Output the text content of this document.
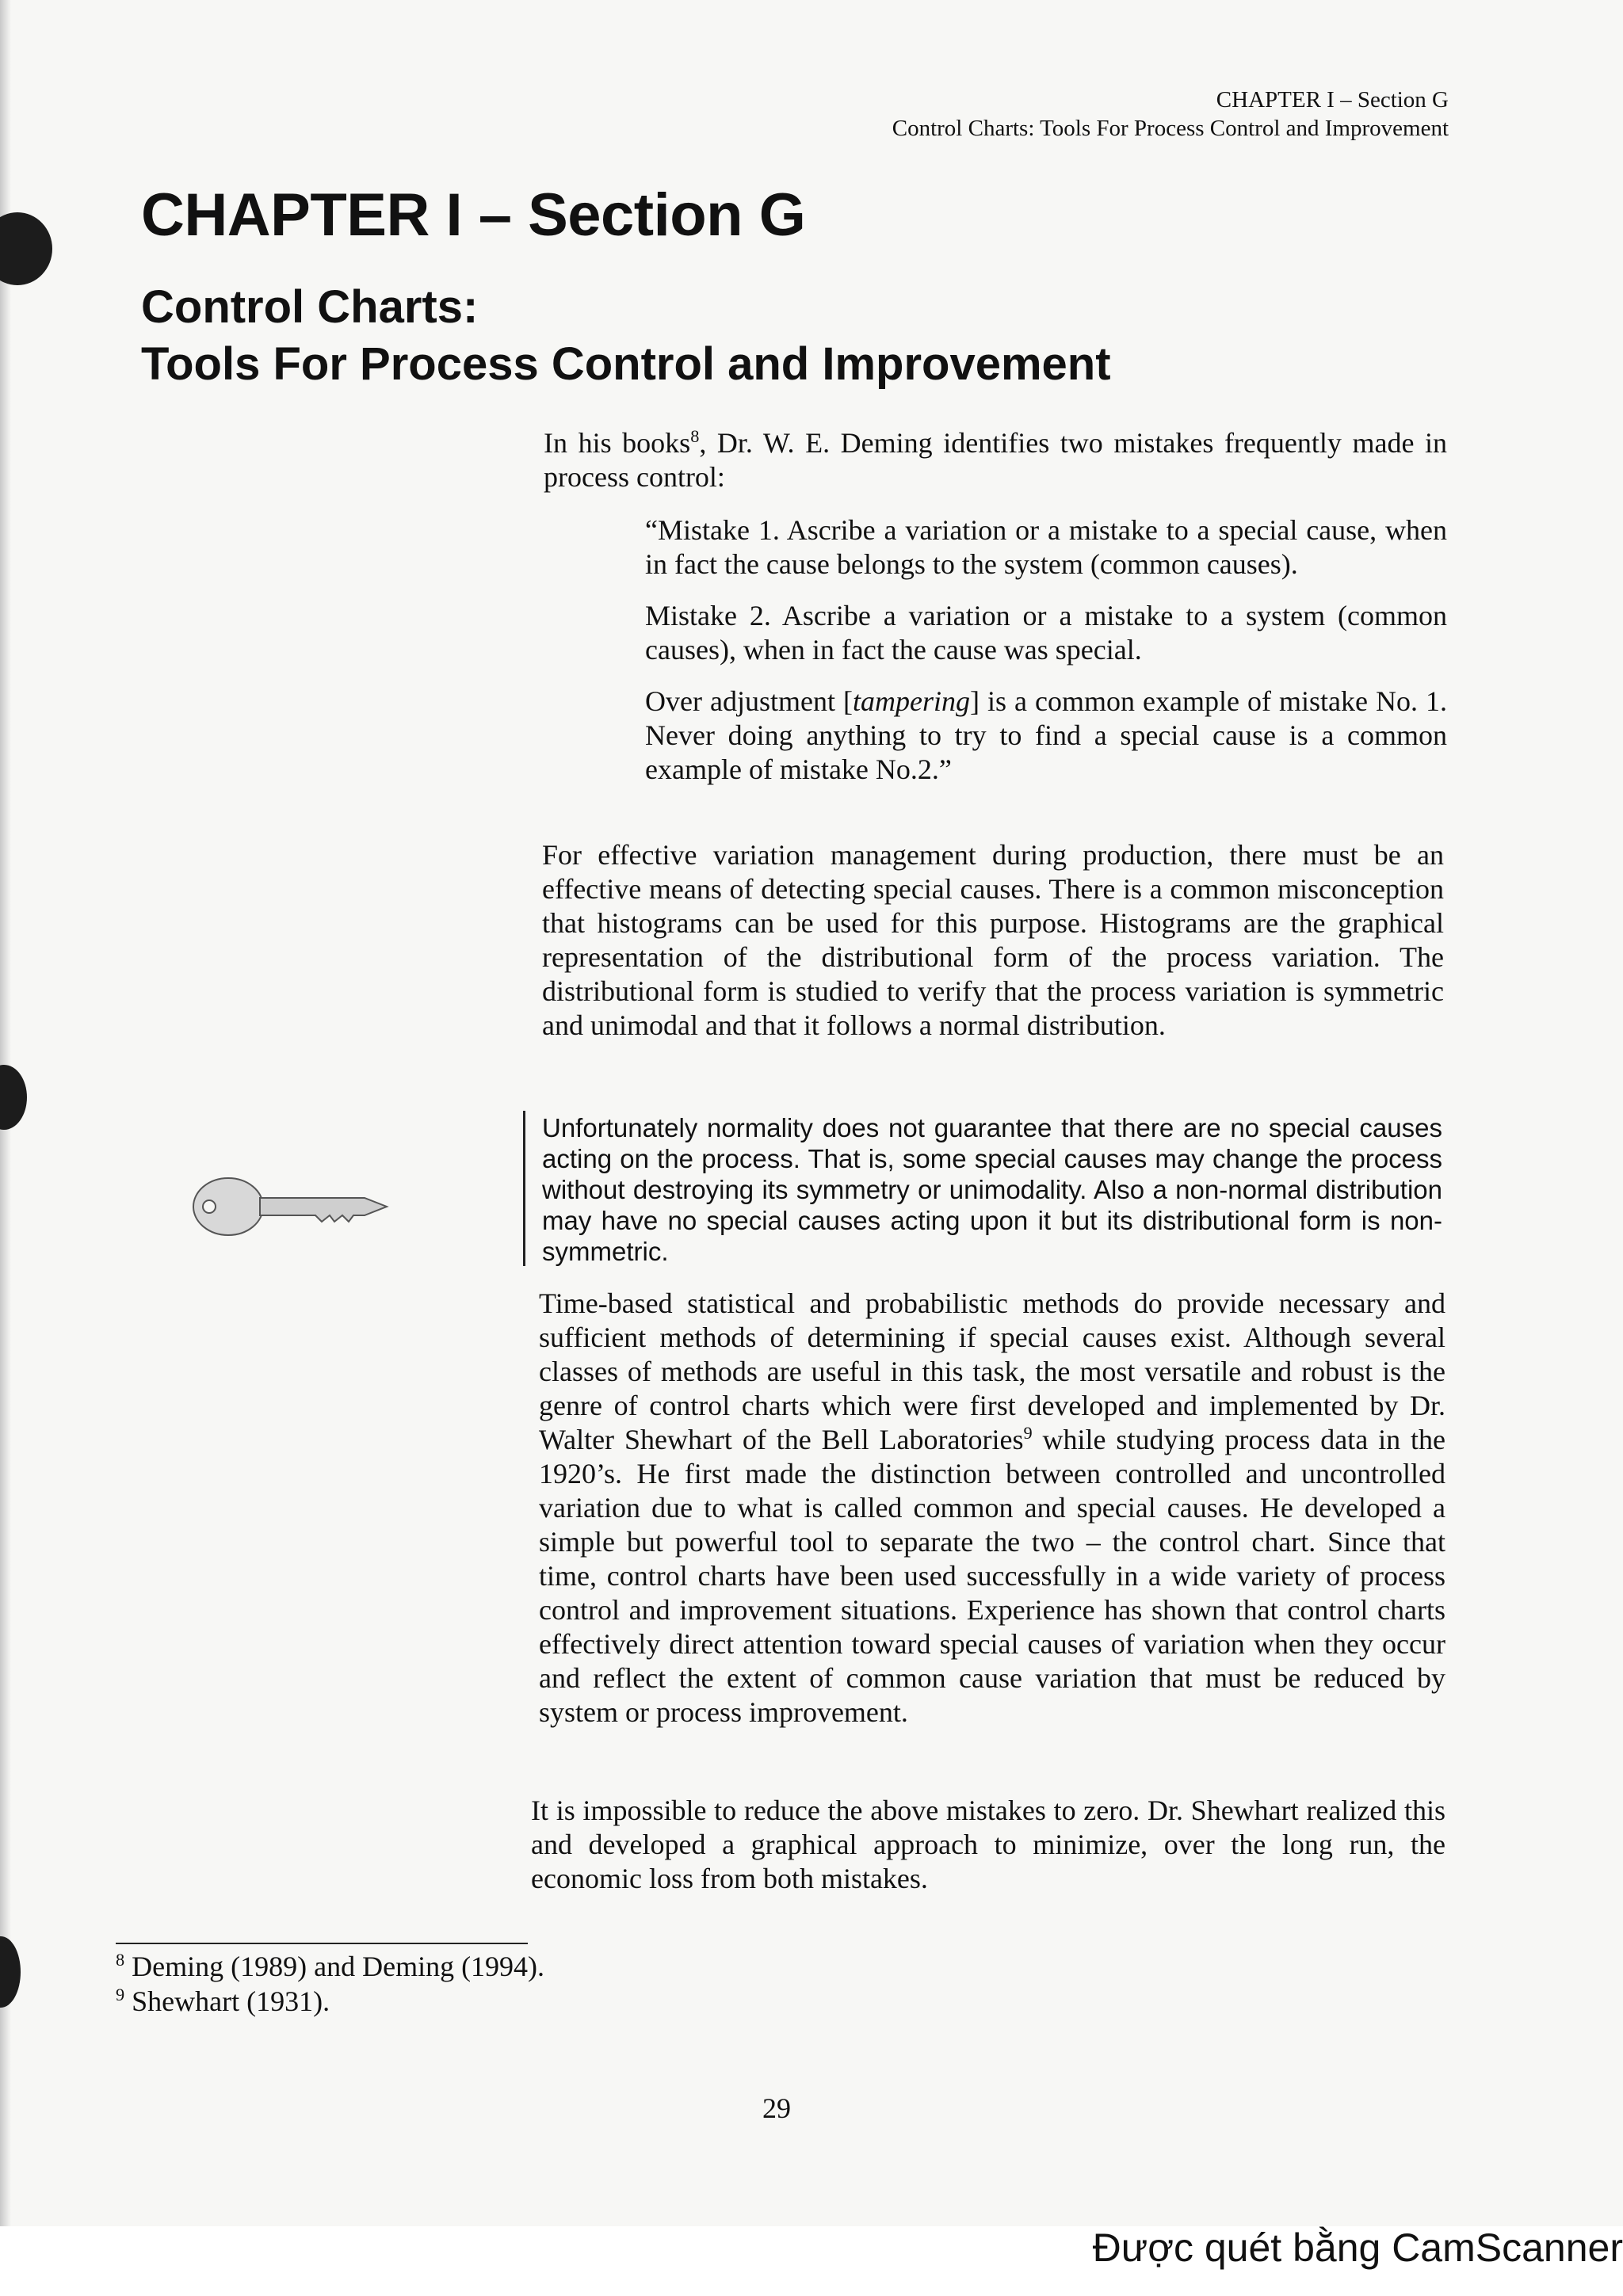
CHAPTER I – Section G
Control Charts: Tools For Process Control and Improvement
CHAPTER I – Section G
Control Charts:
Tools For Process Control and Improvement

In his books$^8$, Dr. W. E. Deming identifies two mistakes frequently made in process control:

“Mistake 1. Ascribe a variation or a mistake to a special cause, when in fact the cause belongs to the system (common causes).

Mistake 2. Ascribe a variation or a mistake to a system (common causes), when in fact the cause was special.

Over adjustment [tampering] is a common example of mistake No. 1. Never doing anything to try to find a special cause is a common example of mistake No.2.”

For effective variation management during production, there must be an effective means of detecting special causes. There is a common misconception that histograms can be used for this purpose. Histograms are the graphical representation of the distributional form of the process variation. The distributional form is studied to verify that the process variation is symmetric and unimodal and that it follows a normal distribution.

Unfortunately normality does not guarantee that there are no special causes acting on the process. That is, some special causes may change the process without destroying its symmetry or unimodality. Also a non-normal distribution may have no special causes acting upon it but its distributional form is non-symmetric.

Time-based statistical and probabilistic methods do provide necessary and sufficient methods of determining if special causes exist. Although several classes of methods are useful in this task, the most versatile and robust is the genre of control charts which were first developed and implemented by Dr. Walter Shewhart of the Bell Laboratories$^9$ while studying process data in the 1920’s. He first made the distinction between controlled and uncontrolled variation due to what is called common and special causes. He developed a simple but powerful tool to separate the two – the control chart. Since that time, control charts have been used successfully in a wide variety of process control and improvement situations. Experience has shown that control charts effectively direct attention toward special causes of variation when they occur and reflect the extent of common cause variation that must be reduced by system or process improvement.

It is impossible to reduce the above mistakes to zero. Dr. Shewhart realized this and developed a graphical approach to minimize, over the long run, the economic loss from both mistakes.

$^8$ Deming (1989) and Deming (1994).
$^9$ Shewhart (1931).
29
Được quét bằng CamScanner
